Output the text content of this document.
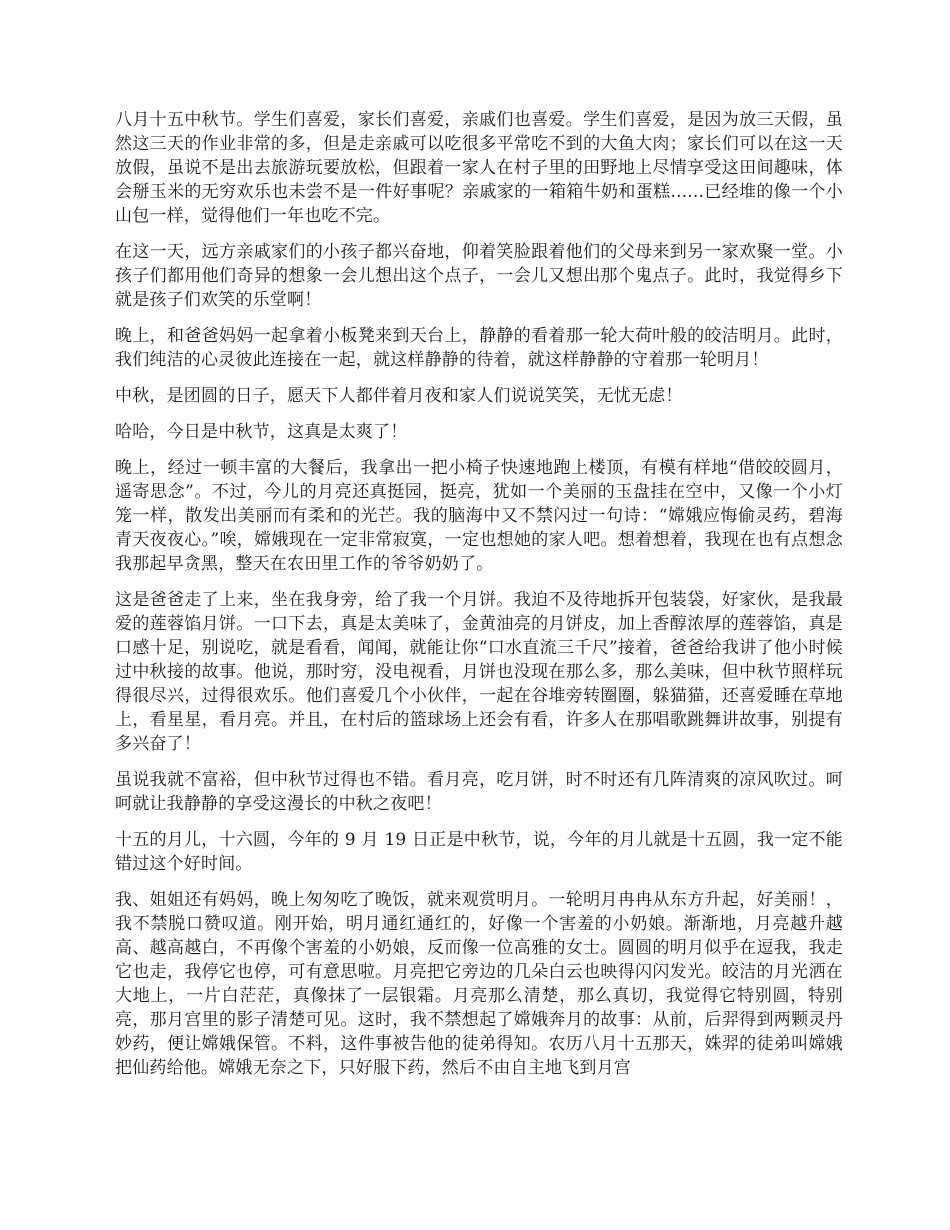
八月十五中秋节。学生们喜爱，家长们喜爱，亲戚们也喜爱。学生们喜爱，是因为放三天假，虽然这三天的作业非常的多，但是走亲戚可以吃很多平常吃不到的大鱼大肉；家长们可以在这一天放假，虽说不是出去旅游玩要放松，但跟着一家人在村子里的田野地上尽情享受这田间趣味，体会掰玉米的无穷欢乐也未尝不是一件好事呢？亲戚家的一箱箱牛奶和蛋糕......已经堆的像一个小山包一样，觉得他们一年也吃不完。

在这一天，远方亲戚家们的小孩子都兴奋地，仰着笑脸跟着他们的父母来到另一家欢聚一堂。小孩子们都用他们奇异的想象一会儿想出这个点子，一会儿又想出那个鬼点子。此时，我觉得乡下就是孩子们欢笑的乐堂啊！

晚上，和爸爸妈妈一起拿着小板凳来到天台上，静静的看着那一轮大荷叶般的皎洁明月。此时，我们纯洁的心灵彼此连接在一起，就这样静静的待着，就这样静静的守着那一轮明月！

中秋，是团圆的日子，愿天下人都伴着月夜和家人们说说笑笑，无忧无虑！

哈哈，今日是中秋节，这真是太爽了！

晚上，经过一顿丰富的大餐后，我拿出一把小椅子快速地跑上楼顶，有模有样地“借皎皎圆月，遥寄思念”。不过，今儿的月亮还真挺园，挺亮，犹如一个美丽的玉盘挂在空中，又像一个小灯笼一样，散发出美丽而有柔和的光芒。我的脑海中又不禁闪过一句诗：“嫦娥应悔偷灵药，碧海青天夜夜心。”唉，嫦娥现在一定非常寂寞，一定也想她的家人吧。想着想着，我现在也有点想念我那起早贪黑，整天在农田里工作的爷爷奶奶了。

这是爸爸走了上来，坐在我身旁，给了我一个月饼。我迫不及待地拆开包装袋，好家伙，是我最爱的莲蓉馅月饼。一口下去，真是太美味了，金黄油亮的月饼皮，加上香醇浓厚的莲蓉馅，真是口感十足，别说吃，就是看看，闻闻，就能让你“口水直流三千尺”接着，爸爸给我讲了他小时候过中秋接的故事。他说，那时穷，没电视看，月饼也没现在那么多，那么美味，但中秋节照样玩得很尽兴，过得很欢乐。他们喜爱几个小伙伴，一起在谷堆旁转圈圈，躲猫猫，还喜爱睡在草地上，看星星，看月亮。并且，在村后的篮球场上还会有看，许多人在那唱歌跳舞讲故事，别提有多兴奋了！

虽说我就不富裕，但中秋节过得也不错。看月亮，吃月饼，时不时还有几阵清爽的凉风吹过。呵呵就让我静静的享受这漫长的中秋之夜吧！

十五的月儿，十六圆，今年的 9 月 19 日正是中秋节，说，今年的月儿就是十五圆，我一定不能错过这个好时间。

我、姐姐还有妈妈，晚上匆匆吃了晚饭，就来观赏明月。一轮明月冉冉从东方升起，好美丽！，我不禁脱口赞叹道。刚开始，明月通红通红的，好像一个害羞的小奶娘。渐渐地，月亮越升越高、越高越白，不再像个害羞的小奶娘，反而像一位高雅的女士。圆圆的明月似乎在逗我，我走它也走，我停它也停，可有意思啦。月亮把它旁边的几朵白云也映得闪闪发光。皎洁的月光洒在大地上，一片白茫茫，真像抹了一层银霜。月亮那么清楚，那么真切，我觉得它特别圆，特别亮，那月宫里的影子清楚可见。这时，我不禁想起了嫦娥奔月的故事：从前，后羿得到两颗灵丹妙药，便让嫦娥保管。不料，这件事被告他的徒弟得知。农历八月十五那天，姝羿的徒弟叫嫦娥把仙药给他。嫦娥无奈之下，只好服下药，然后不由自主地飞到月宫
